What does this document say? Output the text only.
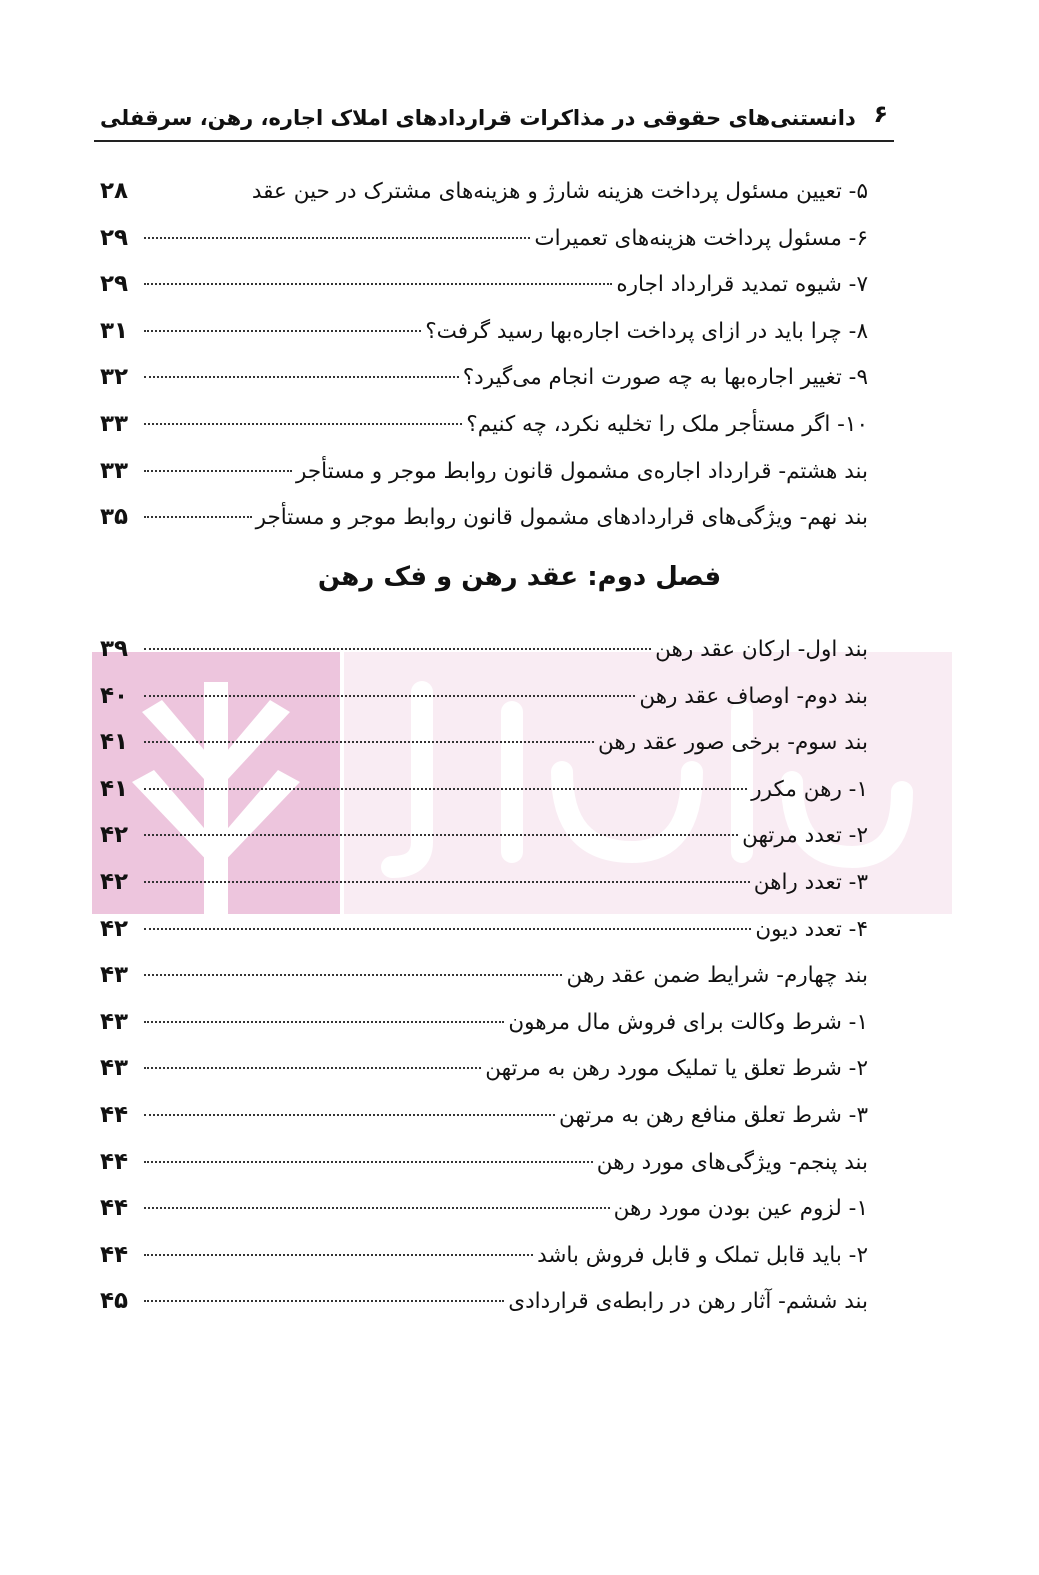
۶
دانستنی‌های حقوقی در مذاکرات قراردادهای املاک اجاره، رهن، سرقفلی
۵- تعیین مسئول پرداخت هزینه شارژ و هزینه‌های مشترک در حین عقد
۲۸
۶- مسئول پرداخت هزینه‌های تعمیرات
۲۹
۷- شیوه تمدید قرارداد اجاره
۲۹
۸- چرا باید در ازای پرداخت اجاره‌بها رسید گرفت؟
۳۱
۹- تغییر اجاره‌بها به چه صورت انجام می‌گیرد؟
۳۲
۱۰- اگر مستأجر ملک را تخلیه نکرد، چه کنیم؟
۳۳
بند هشتم- قرارداد اجاره‌ی مشمول قانون روابط موجر و مستأجر
۳۳
بند نهم- ویژگی‌های قراردادهای مشمول قانون روابط موجر و مستأجر
۳۵
فصل دوم: عقد رهن و فک رهن
بند اول- ارکان عقد رهن
۳۹
بند دوم- اوصاف عقد رهن
۴۰
بند سوم- برخی صور عقد رهن
۴۱
۱- رهن مکرر
۴۱
۲- تعدد مرتهن
۴۲
۳- تعدد راهن
۴۲
۴- تعدد دیون
۴۲
بند چهارم- شرایط ضمن عقد رهن
۴۳
۱- شرط وکالت برای فروش مال مرهون
۴۳
۲- شرط تعلق یا تملیک مورد رهن به مرتهن
۴۳
۳- شرط تعلق منافع رهن به مرتهن
۴۴
بند پنجم- ویژگی‌های مورد رهن
۴۴
۱- لزوم عین بودن مورد رهن
۴۴
۲- باید قابل تملک و قابل فروش باشد
۴۴
بند ششم- آثار رهن در رابطه‌ی قراردادی
۴۵
